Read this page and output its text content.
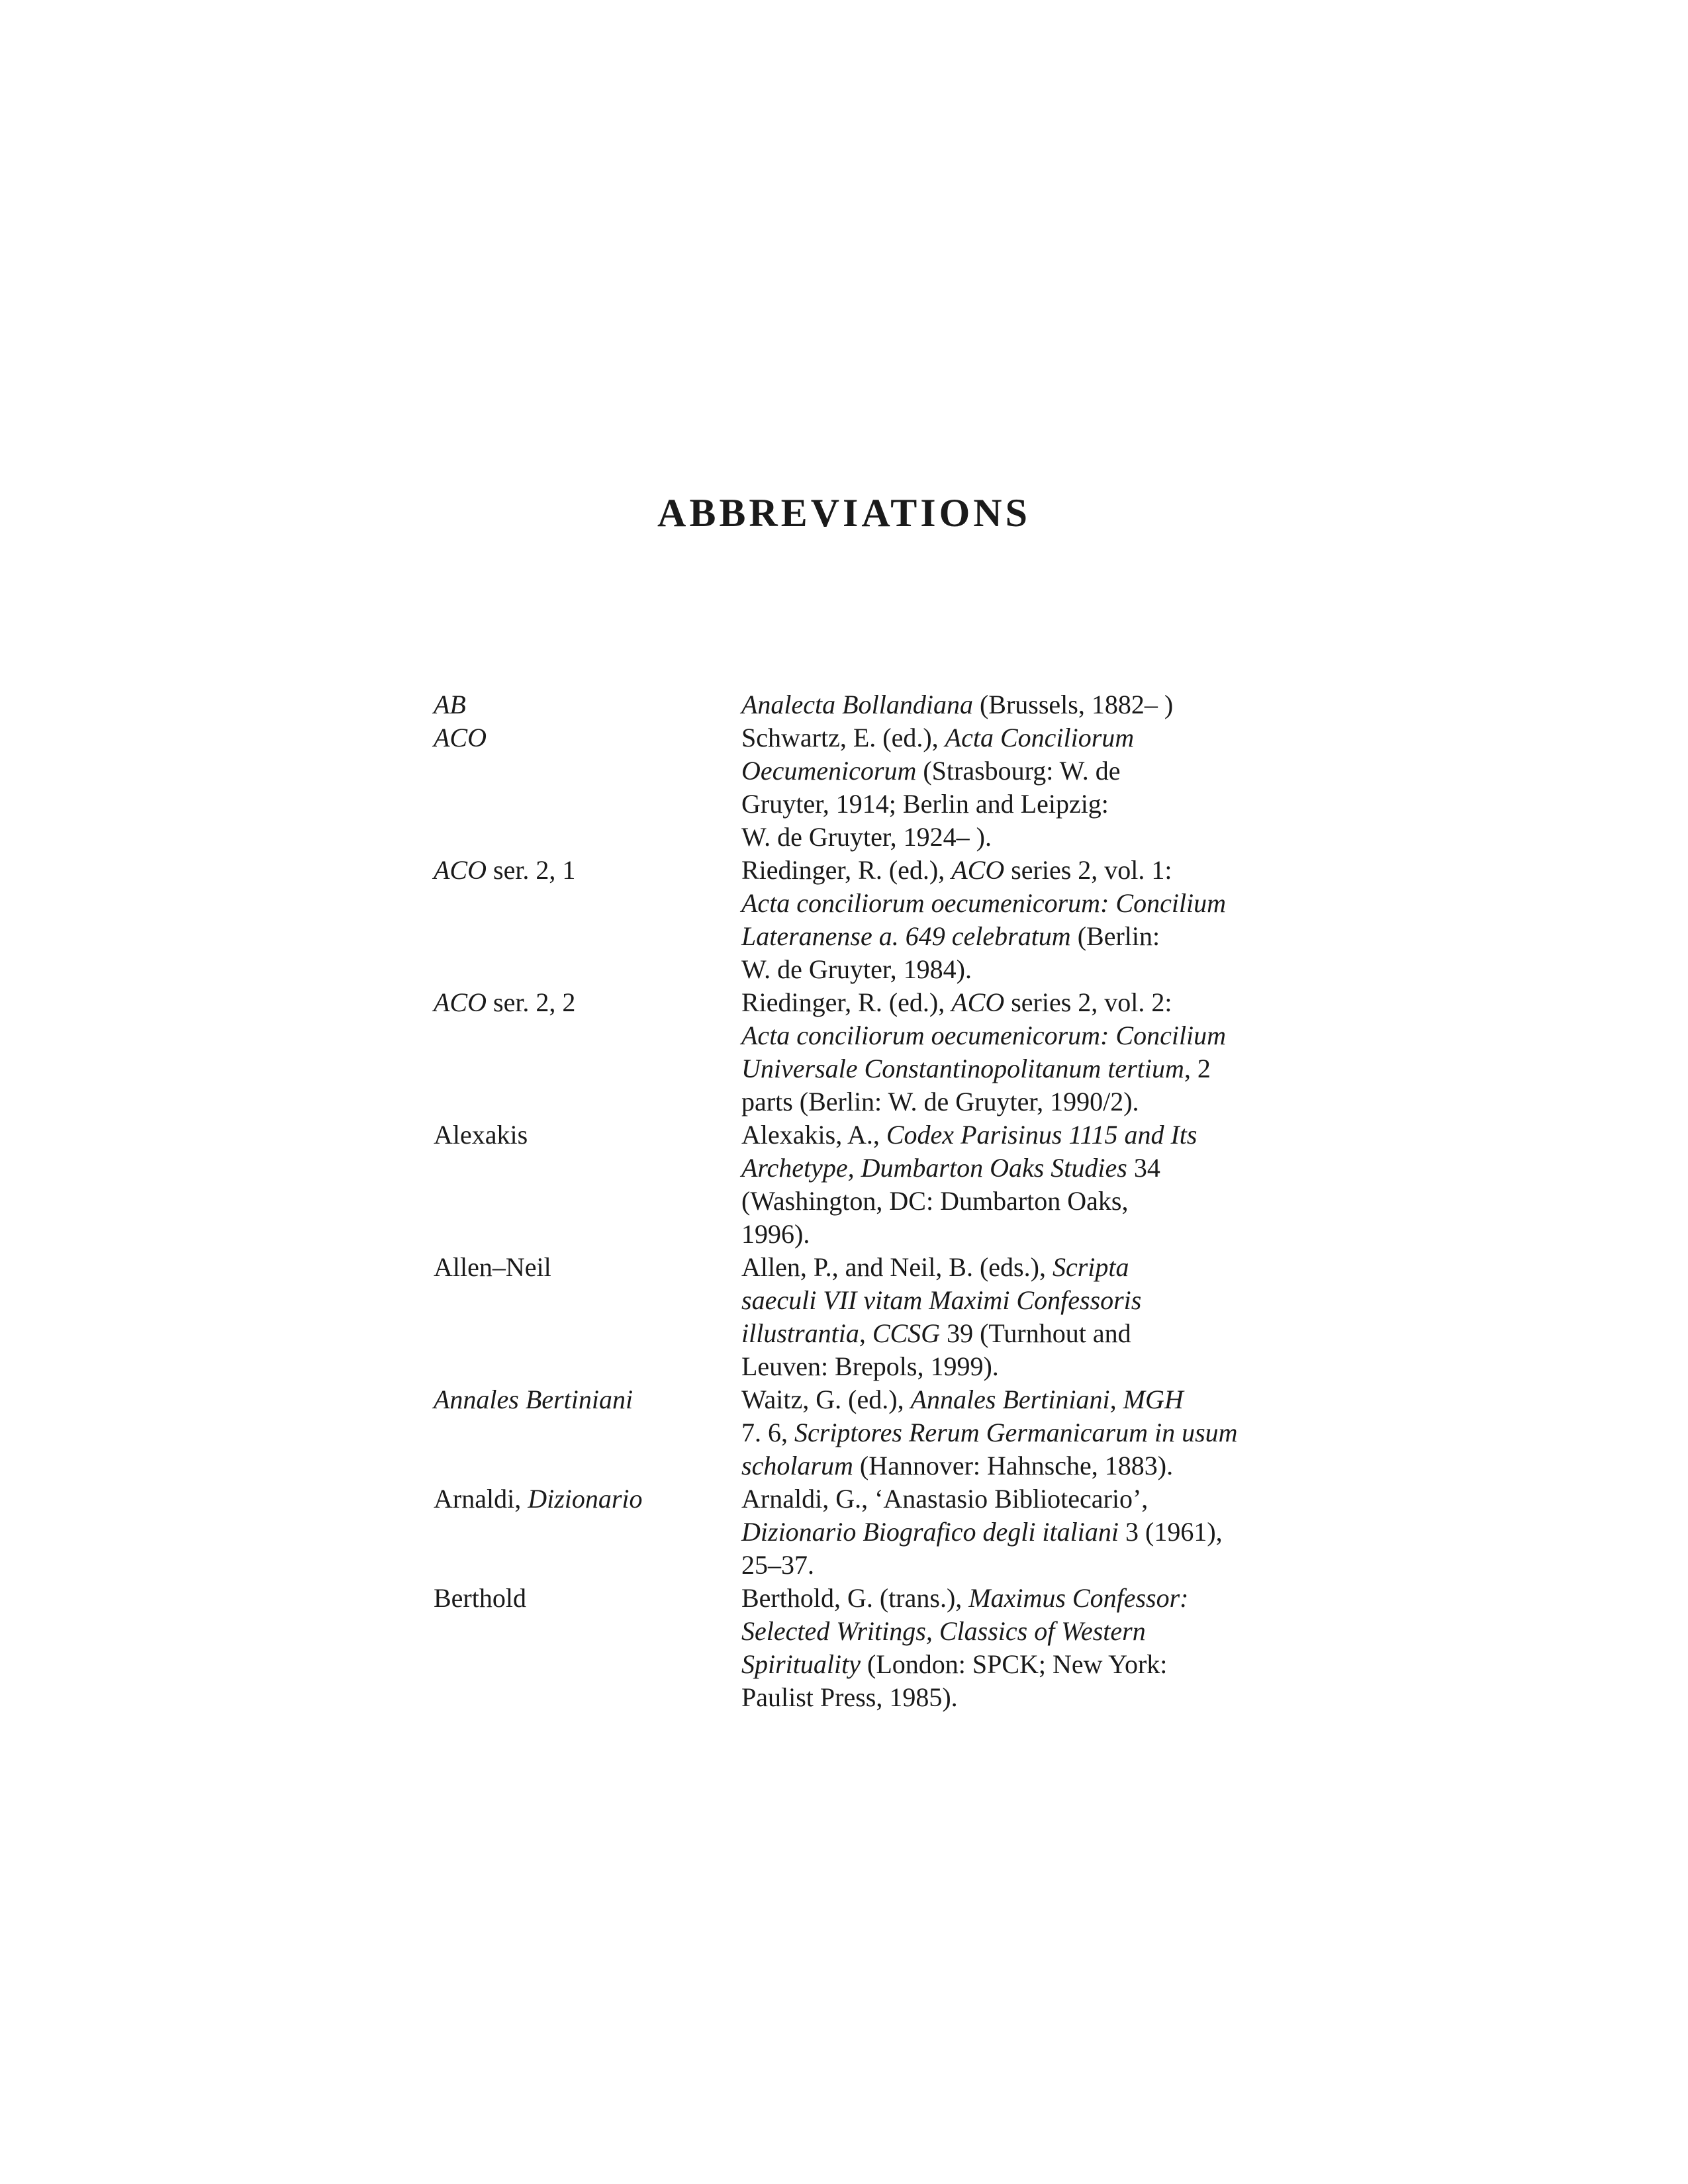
ABBREVIATIONS
AB	Analecta Bollandiana (Brussels, 1882– )
ACO	Schwartz, E. (ed.), Acta Conciliorum
Oecumenicorum (Strasbourg: W. de
Gruyter, 1914; Berlin and Leipzig:
W. de Gruyter, 1924– ).
ACO ser. 2, 1	Riedinger, R. (ed.), ACO series 2, vol. 1:
Acta conciliorum oecumenicorum: Concilium
Lateranense a. 649 celebratum (Berlin:
W. de Gruyter, 1984).
ACO ser. 2, 2	Riedinger, R. (ed.), ACO series 2, vol. 2:
Acta conciliorum oecumenicorum: Concilium
Universale Constantinopolitanum tertium, 2
parts (Berlin: W. de Gruyter, 1990/2).
Alexakis	Alexakis, A., Codex Parisinus 1115 and Its
Archetype, Dumbarton Oaks Studies 34
(Washington, DC: Dumbarton Oaks,
1996).
Allen–Neil	Allen, P., and Neil, B. (eds.), Scripta
saeculi VII vitam Maximi Confessoris
illustrantia, CCSG 39 (Turnhout and
Leuven: Brepols, 1999).
Annales Bertiniani	Waitz, G. (ed.), Annales Bertiniani, MGH
7. 6, Scriptores Rerum Germanicarum in usum
scholarum (Hannover: Hahnsche, 1883).
Arnaldi, Dizionario	Arnaldi, G., ‘Anastasio Bibliotecario’,
Dizionario Biografico degli italiani 3 (1961),
25–37.
Berthold	Berthold, G. (trans.), Maximus Confessor:
Selected Writings, Classics of Western
Spirituality (London: SPCK; New York:
Paulist Press, 1985).
